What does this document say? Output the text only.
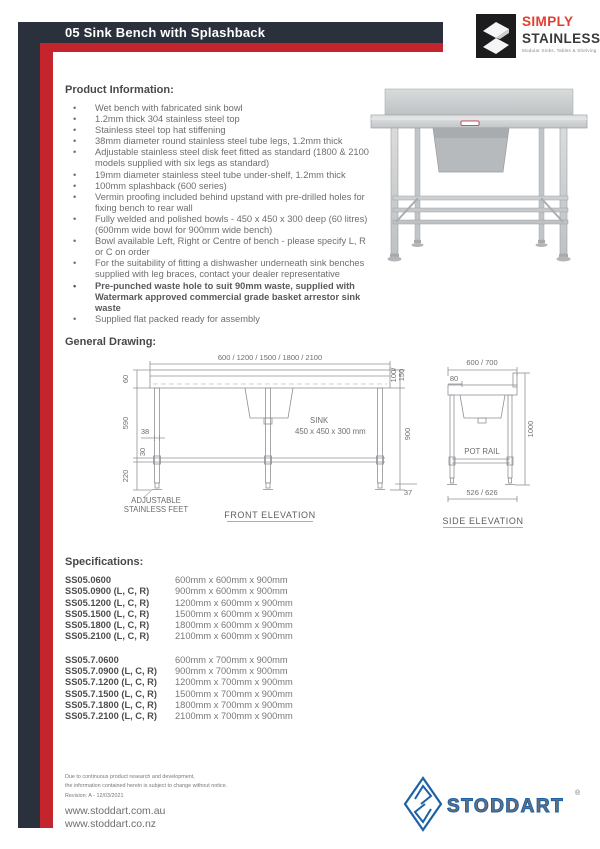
05 Sink Bench with Splashback
SIMPLY
STAINLESS
Modular Sinks, Tables & Shelving
General Drawing:
600 / 1200 / 1500 / 1800 / 2100
SINK
450 x 450 x 300 mm
60
590
38
30
220
100/ 150
900
37
ADJUSTABLE
STAINLESS FEET
FRONT ELEVATION
600 / 700
80
POT RAIL
1000
526 / 626
SIDE ELEVATION
Product Information:
• Wet bench with fabricated sink bowl
• 1.2mm thick 304 stainless steel top
• Stainless steel top hat stiffening
• 38mm diameter round stainless steel tube legs, 1.2mm thick
• Adjustable stainless steel disk feet fitted as standard (1800 & 2100 models supplied with six legs as standard)
• 19mm diameter stainless steel tube under-shelf, 1.2mm thick
• 100mm splashback (600 series)
• Vermin proofing included behind upstand with pre-drilled holes for fixing bench to rear wall
• Fully welded and polished bowls - 450 x 450 x 300 deep (60 litres) (600mm wide bowl for 900mm wide bench)
• Bowl available Left, Right or Centre of bench - please specify L, R or C on order
• For the suitability of fitting a dishwasher underneath sink benches supplied with leg braces, contact your dealer representative
• Pre-punched waste hole to suit 90mm waste, supplied with Watermark approved commercial grade basket arrestor sink waste
• Supplied flat packed ready for assembly
Specifications:
SS05.0600	600mm x 600mm x 900mm
SS05.0900 (L, C, R)	900mm x 600mm x 900mm
SS05.1200 (L, C, R)	1200mm x 600mm x 900mm
SS05.1500 (L, C, R)	1500mm x 600mm x 900mm
SS05.1800 (L, C, R)	1800mm x 600mm x 900mm
SS05.2100 (L, C, R)	2100mm x 600mm x 900mm
SS05.7.0600	600mm x 700mm x 900mm
SS05.7.0900 (L, C, R)	900mm x 700mm x 900mm
SS05.7.1200 (L, C, R)	1200mm x 700mm x 900mm
SS05.7.1500 (L, C, R)	1500mm x 700mm x 900mm
SS05.7.1800 (L, C, R)	1800mm x 700mm x 900mm
SS05.7.2100 (L, C, R)	2100mm x 700mm x 900mm

Due to continuous product research and development,

the information contained herein is subject to change without notice.

Revision: A - 12/03/2021

www.stoddart.com.au
www.stoddart.co.nz
STODDART
®
